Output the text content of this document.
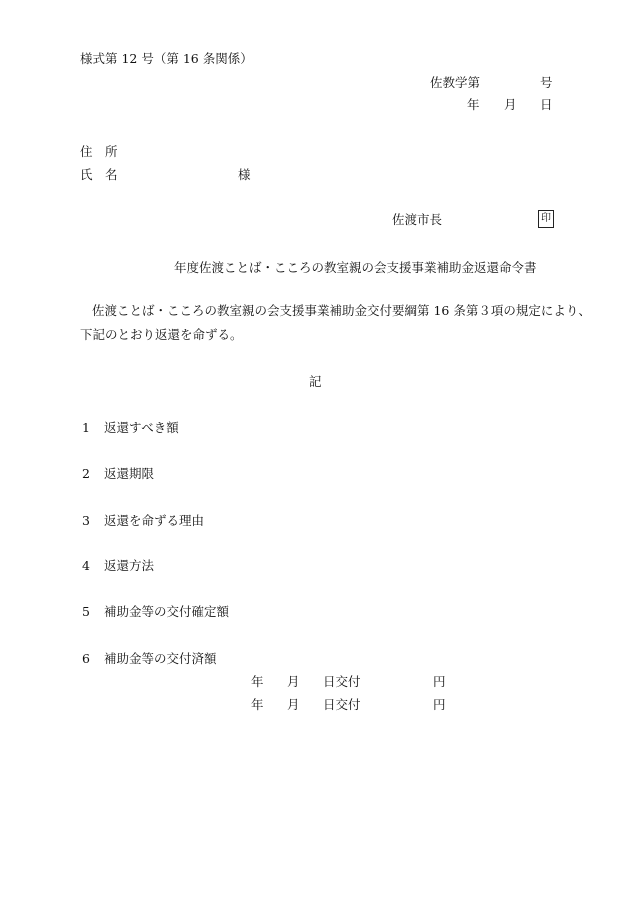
様式第 12 号（第 16 条関係）
佐教学第	号
年 月 日
住　所
氏　名	様
佐渡市長	印
年度佐渡ことば・こころの教室親の会支援事業補助金返還命令書
佐渡ことば・こころの教室親の会支援事業補助金交付要綱第 16 条第３項の規定により、
下記のとおり返還を命ずる。
記
1 返還すべき額
2 返還期限
3 返還を命ずる理由
4 返還方法
5 補助金等の交付確定額
6 補助金等の交付済額
年 月 日交付	円
年 月 日交付	円
